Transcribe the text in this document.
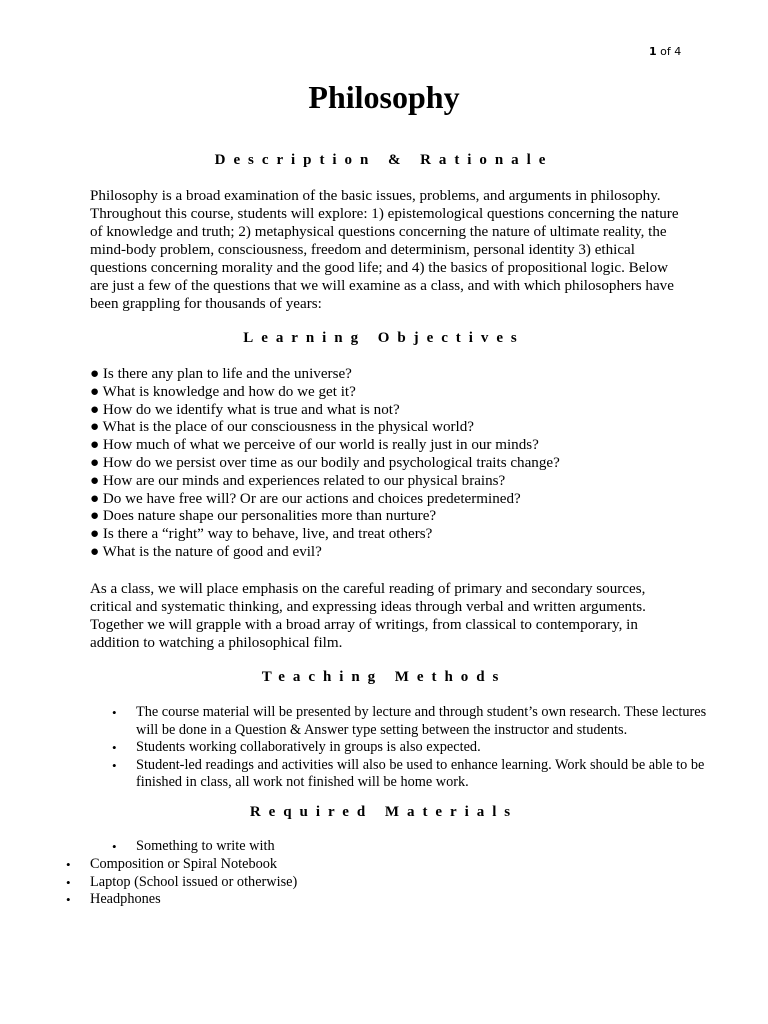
1 of 4
Philosophy
Description & Rationale
Philosophy is a broad examination of the basic issues, problems, and arguments in philosophy.
Throughout this course, students will explore: 1) epistemological questions concerning the nature
of knowledge and truth; 2) metaphysical questions concerning the nature of ultimate reality, the
mind-body problem, consciousness, freedom and determinism, personal identity 3) ethical
questions concerning morality and the good life; and 4) the basics of propositional logic. Below
are just a few of the questions that we will examine as a class, and with which philosophers have
been grappling for thousands of years:
Learning Objectives
● Is there any plan to life and the universe?
● What is knowledge and how do we get it?
● How do we identify what is true and what is not?
● What is the place of our consciousness in the physical world?
● How much of what we perceive of our world is really just in our minds?
● How do we persist over time as our bodily and psychological traits change?
● How are our minds and experiences related to our physical brains?
● Do we have free will? Or are our actions and choices predetermined?
● Does nature shape our personalities more than nurture?
● Is there a “right” way to behave, live, and treat others?
● What is the nature of good and evil?
As a class, we will place emphasis on the careful reading of primary and secondary sources,
critical and systematic thinking, and expressing ideas through verbal and written arguments.
Together we will grapple with a broad array of writings, from classical to contemporary, in
addition to watching a philosophical film.
Teaching Methods
• The course material will be presented by lecture and through student’s own research. These lectures will be done in a Question & Answer type setting between the instructor and students.
• Students working collaboratively in groups is also expected.
• Student-led readings and activities will also be used to enhance learning. Work should be able to be finished in class, all work not finished will be home work.
Required Materials
• Something to write with
• Composition or Spiral Notebook
• Laptop (School issued or otherwise)
• Headphones
